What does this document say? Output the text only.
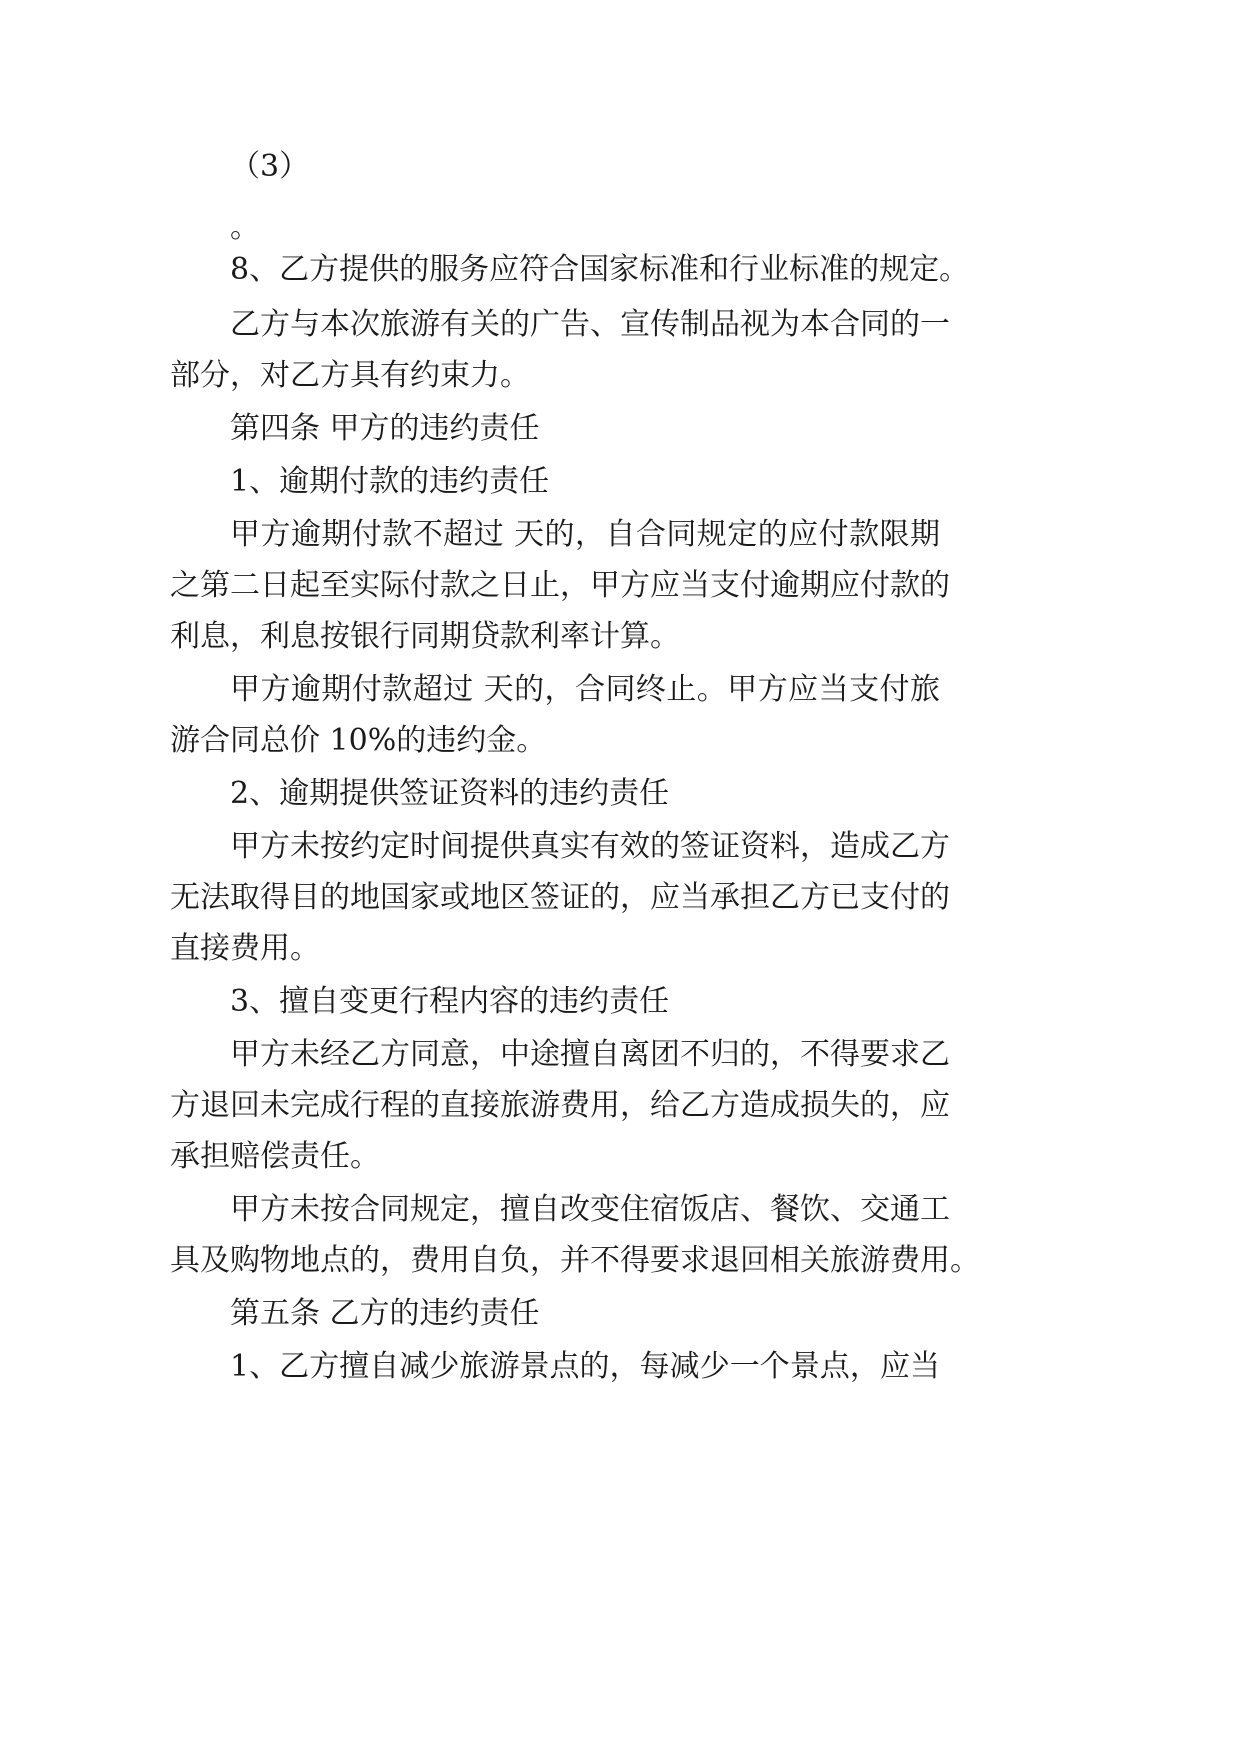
（3）
。
8、乙方提供的服务应符合国家标准和行业标准的规定。
乙方与本次旅游有关的广告、宣传制品视为本合同的一
部分，对乙方具有约束力。
第四条 甲方的违约责任
1、逾期付款的违约责任
甲方逾期付款不超过 天的，自合同规定的应付款限期
之第二日起至实际付款之日止，甲方应当支付逾期应付款的
利息，利息按银行同期贷款利率计算。
甲方逾期付款超过 天的，合同终止。甲方应当支付旅
游合同总价 10%的违约金。
2、逾期提供签证资料的违约责任
甲方未按约定时间提供真实有效的签证资料，造成乙方
无法取得目的地国家或地区签证的，应当承担乙方已支付的
直接费用。
3、擅自变更行程内容的违约责任
甲方未经乙方同意，中途擅自离团不归的，不得要求乙
方退回未完成行程的直接旅游费用，给乙方造成损失的，应
承担赔偿责任。
甲方未按合同规定，擅自改变住宿饭店、餐饮、交通工
具及购物地点的，费用自负，并不得要求退回相关旅游费用。
第五条 乙方的违约责任
1、乙方擅自减少旅游景点的，每减少一个景点，应当
